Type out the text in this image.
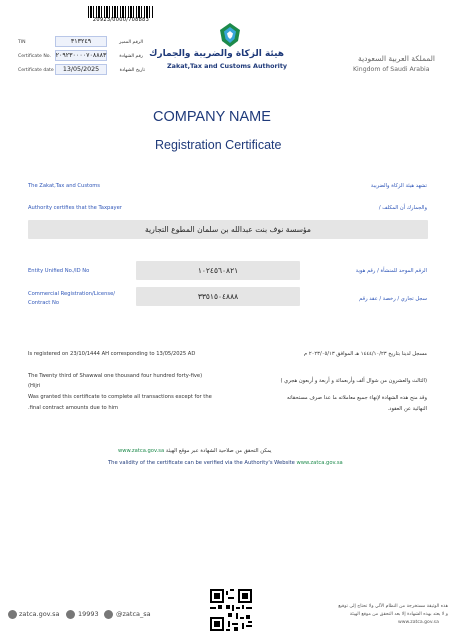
20923/0000/708883
TIN	٣١٣٢٤٩	الرقم المميز
Certificate No. ٢٠٩٢٣٠٠٠٠٧٠٨٨٨٣	رقم الشهادة
Certificate date	13/05/2025	تاريخ الشهادة
هيئة الزكاة والضريبة والجمارك
Zakat,Tax and Customs Authority
المملكة العربية السعودية
Kingdom of Saudi Arabia
COMPANY NAME
Registration Certificate
The Zakat,Tax and Customs	تشهد هيئة الزكاة والضريبة
Authority certifies that the Taxpayer	والجمارك أن المكلف /
مؤسسة نوف بنت عبدالله بن سلمان المطوع التجارية
Entity Unified No./ID No	١٠٢٤٥٦٠٨٢١	الرقم الموحد للمنشأة / رقم هوية
Commercial Registration/License/
Contract No
٣٣٥١٥٠٤٨٨٨	سجل تجاري / رخصة / عقد رقم
Is registered on 23/10/1444 AH corresponding to 13/05/2025 AD	مسجل لدينا بتاريخ ١٤٤٤/١٠/٢٣ هـ الموافق ٢٠٢٣/٠٥/١٣ م
The Twenty third of Shawwal one thousand four hundred forty-five)
(Hijri
(الثالث والعشرون من شوال ألف وأربعمائة و أربعة و أربعون هجري )
Was granted this certificate to complete all transactions except for the
.final contract amounts due to him
وقد منح هذه الشهادة لإنهاء جميع معاملاته ما عدا صرف مستحقاته
النهائية عن العقود.
www.zatca.gov.sa يمكن التحقق من صلاحية الشهادة عبر موقع الهيئة
The validity of the certificate can be verified via the Authority's Website www.zatca.gov.sa
zatca.gov.sa	19993	@zatca_sa
هذه الوثيقة مستخرجة من النظام الآلي ولا تحتاج إلى توقيع
و لا يعتد بهذه الشهادة إلا بعد التحقق من موقع الهيئة
www.zatca.gov.sa
